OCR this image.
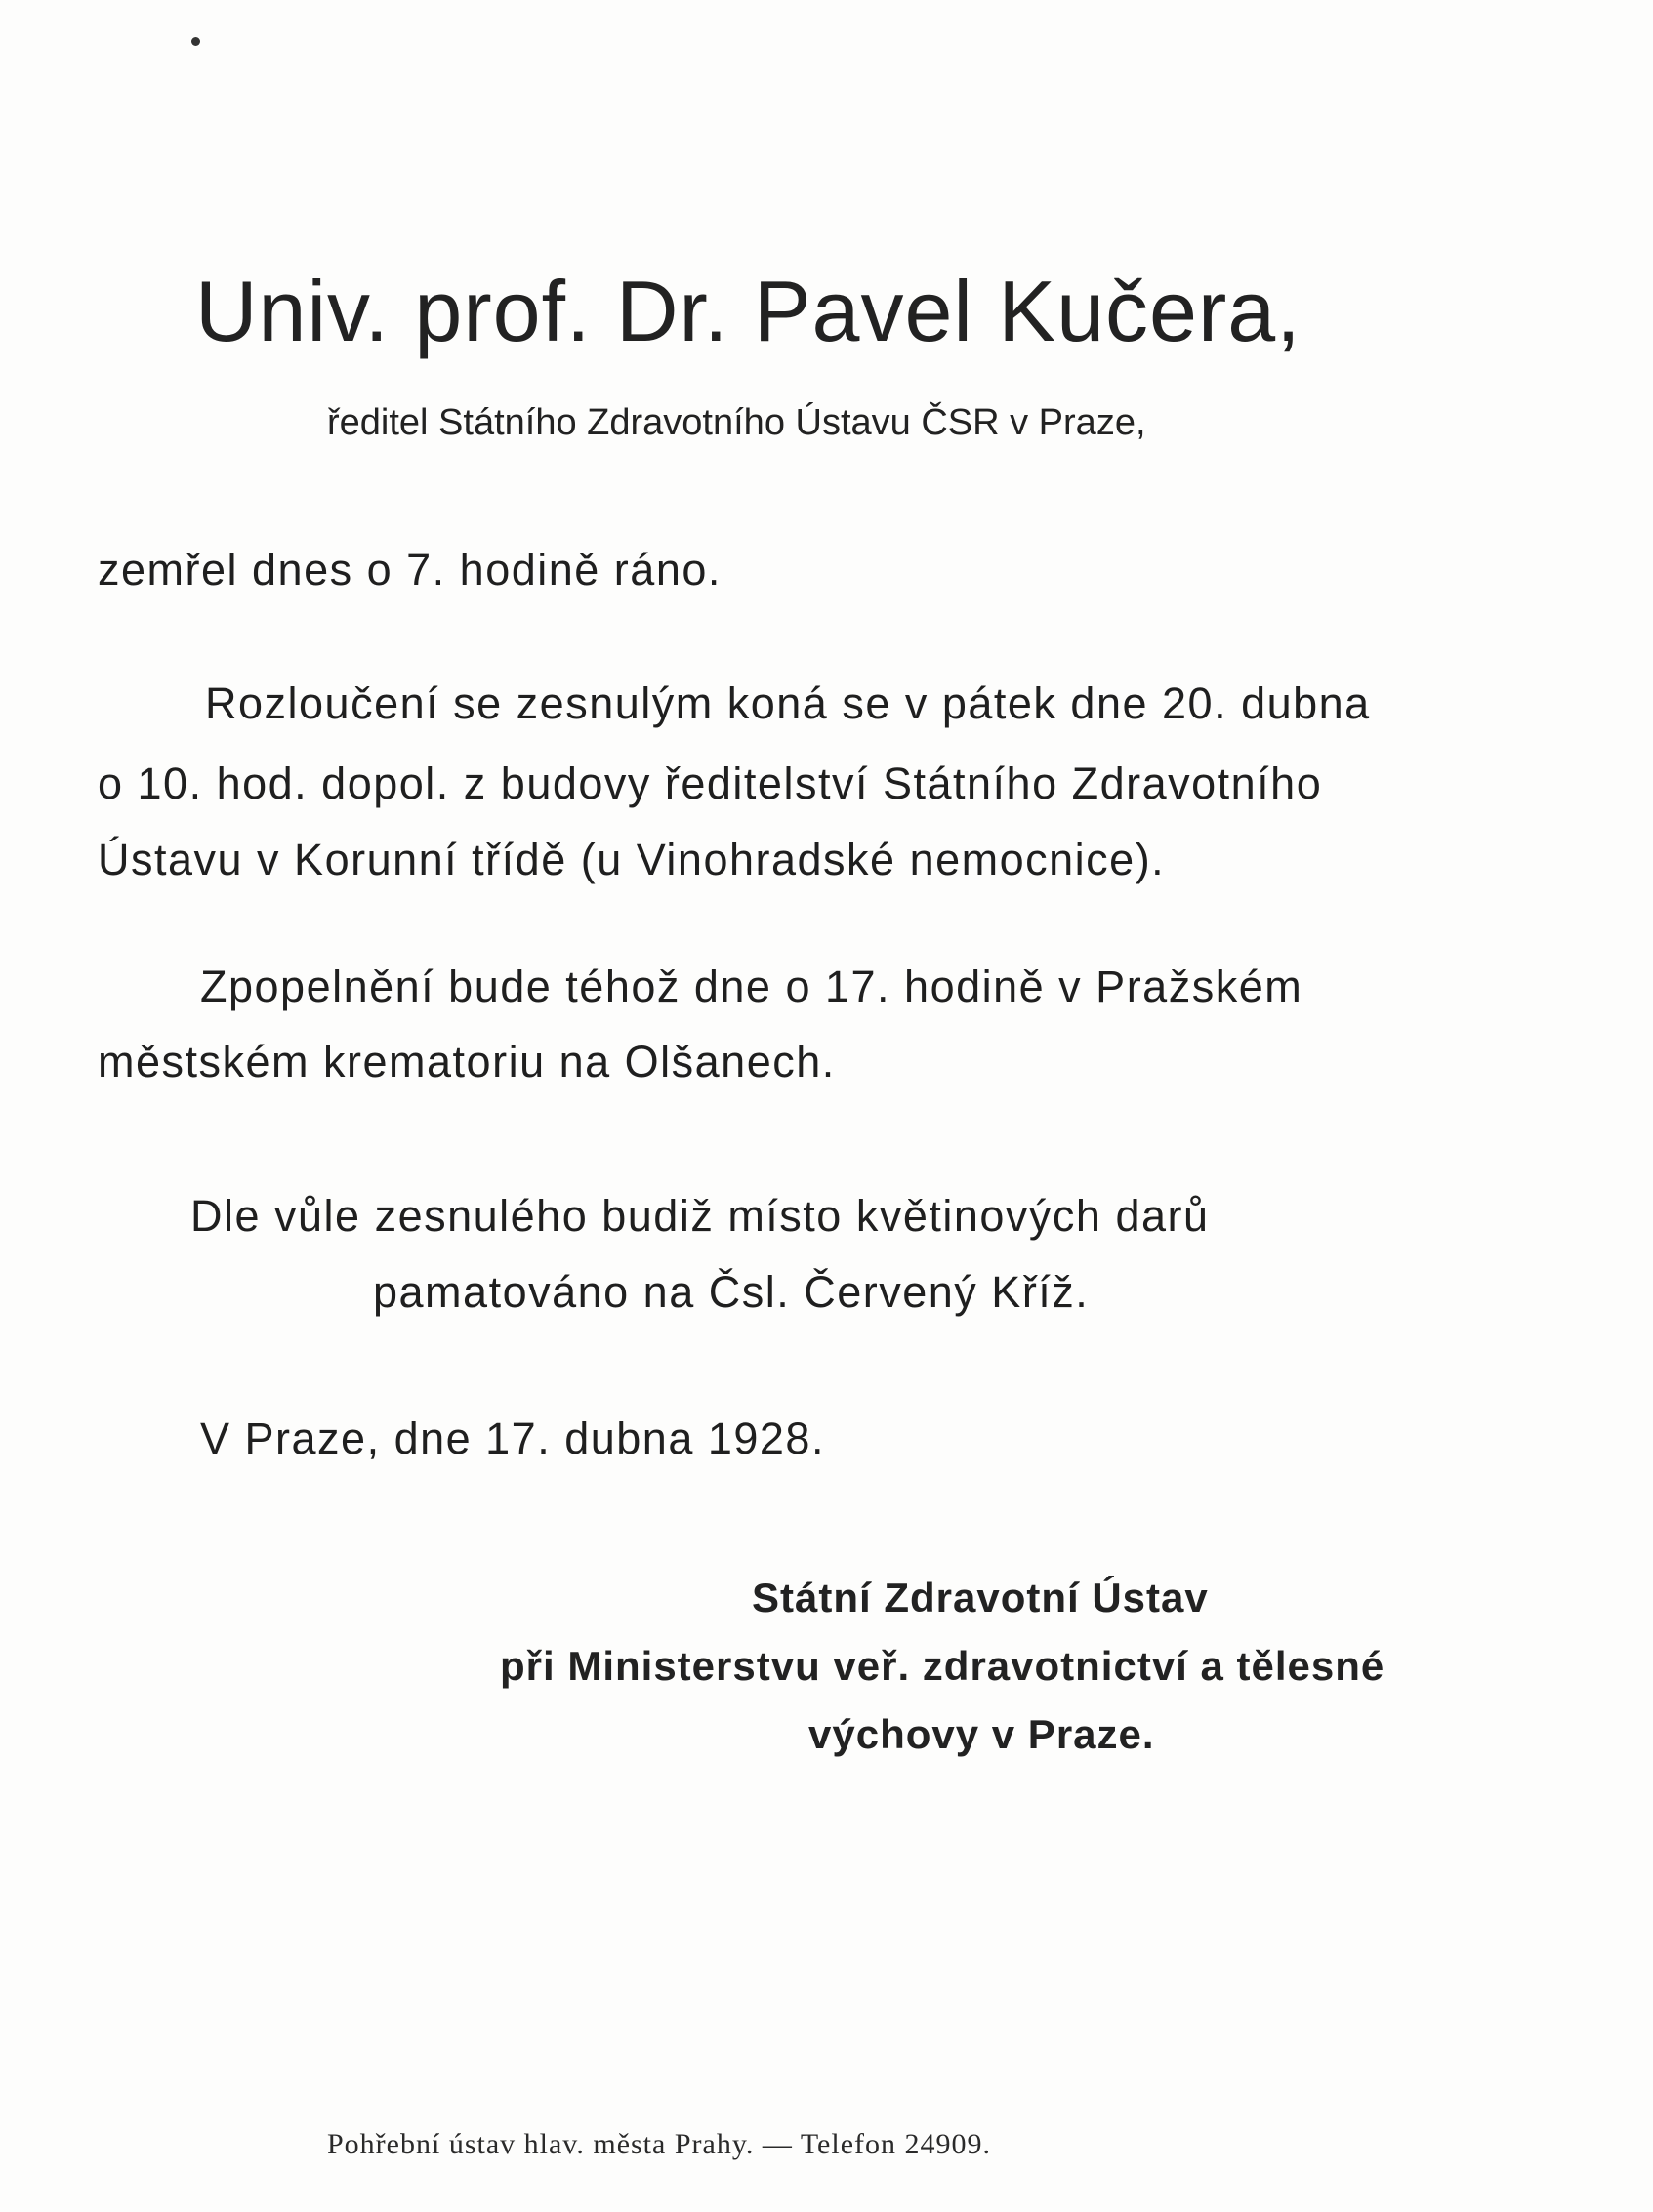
Univ. prof. Dr. Pavel Kučera,

ředitel Státního Zdravotního Ústavu ČSR v Praze,

zemřel dnes o 7. hodině ráno.

Rozloučení se zesnulým koná se v pátek dne 20. dubna

o 10. hod. dopol. z budovy ředitelství Státního Zdravotního

Ústavu v Korunní třídě (u Vinohradské nemocnice).

Zpopelnění bude téhož dne o 17. hodině v Pražském

městském krematoriu na Olšanech.

Dle vůle zesnulého budiž místo květinových darů

pamatováno na Čsl. Červený Kříž.

V Praze, dne 17. dubna 1928.

Státní Zdravotní Ústav

při Ministerstvu veř. zdravotnictví a tělesné

výchovy v Praze.

Pohřební ústav hlav. města Prahy. — Telefon 24909.
